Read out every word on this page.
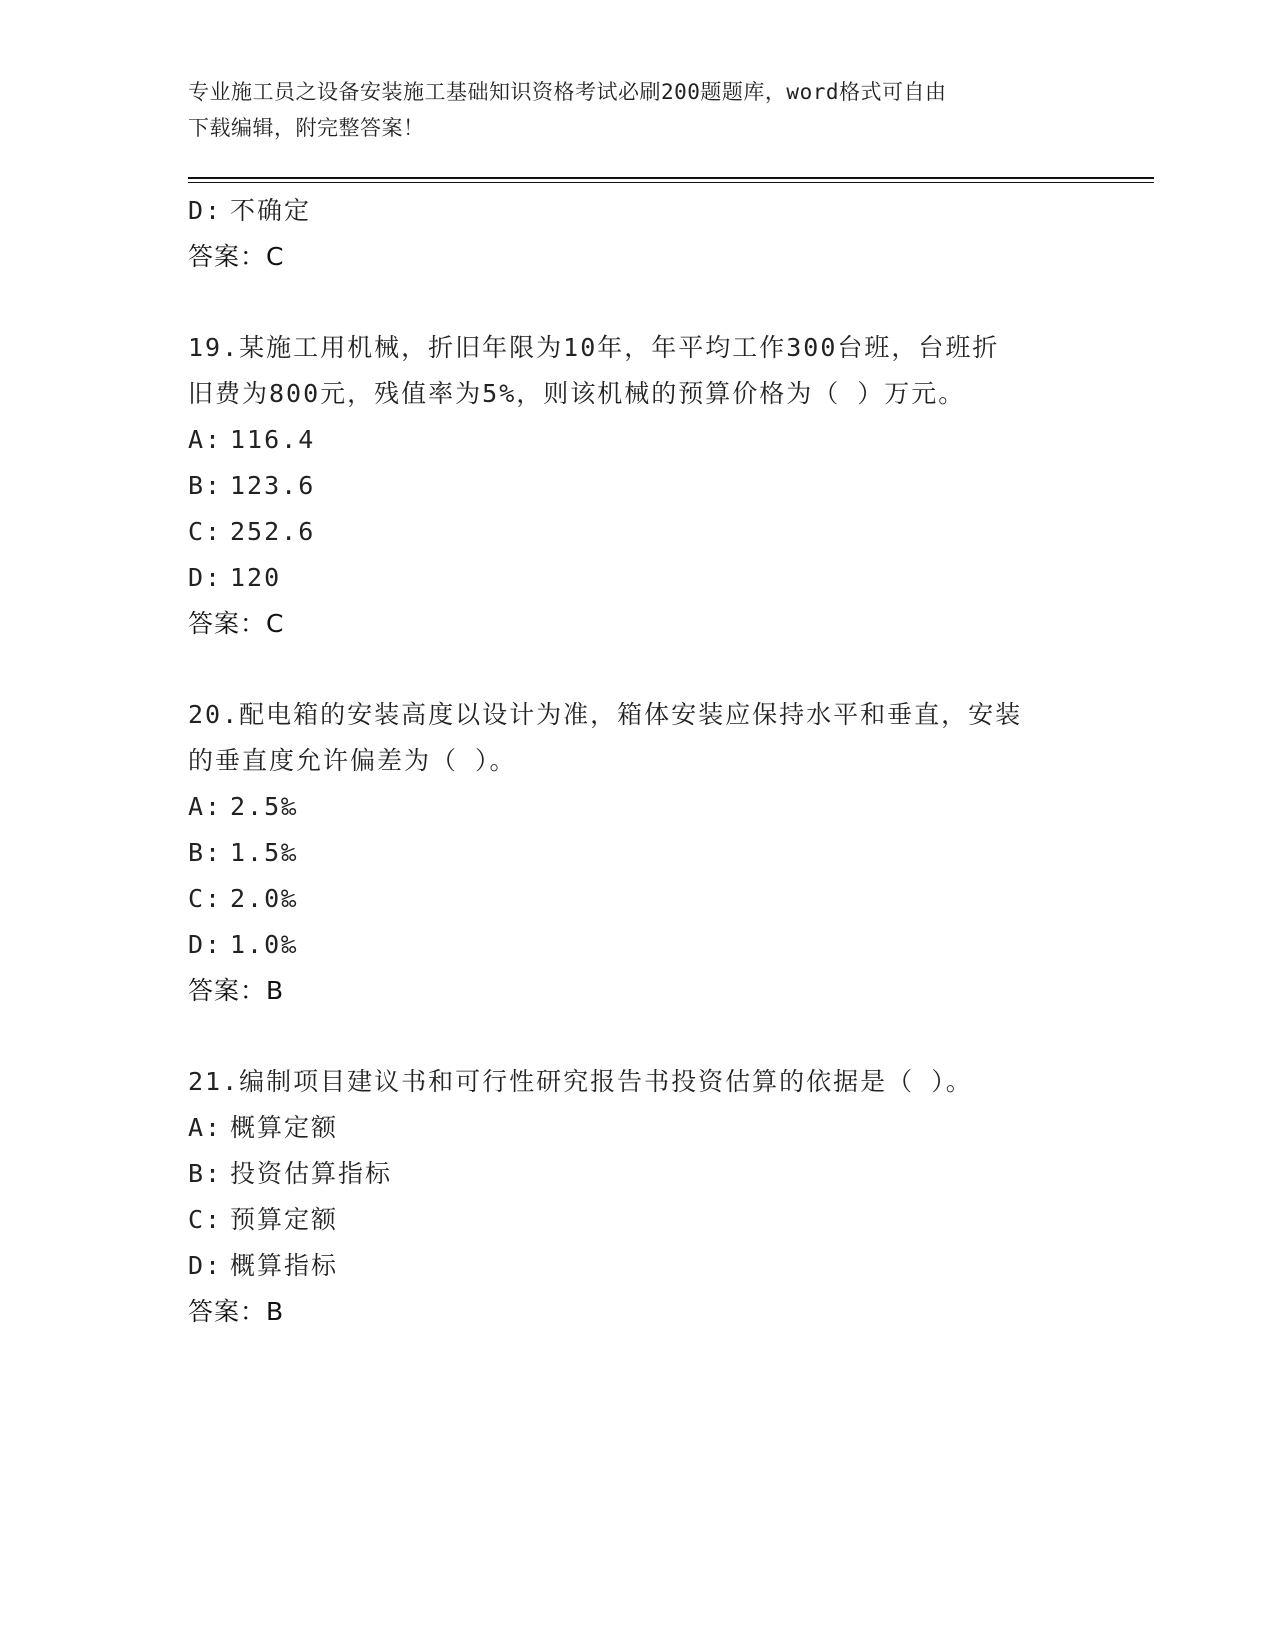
专业施工员之设备安装施工基础知识资格考试必刷200题题库，word格式可自由
下载编辑，附完整答案！
D: 不确定
答案：C
19.某施工用机械，折旧年限为10年，年平均工作300台班，台班折
旧费为800元，残值率为5%，则该机械的预算价格为（ ）万元。
A: 116.4
B: 123.6
C: 252.6
D: 120
答案：C
20.配电箱的安装高度以设计为准，箱体安装应保持水平和垂直，安装
的垂直度允许偏差为（ ）。
A: 2.5‰
B: 1.5‰
C: 2.0‰
D: 1.0‰
答案：B
21.编制项目建议书和可行性研究报告书投资估算的依据是（ ）。
A: 概算定额
B: 投资估算指标
C: 预算定额
D: 概算指标
答案：B
